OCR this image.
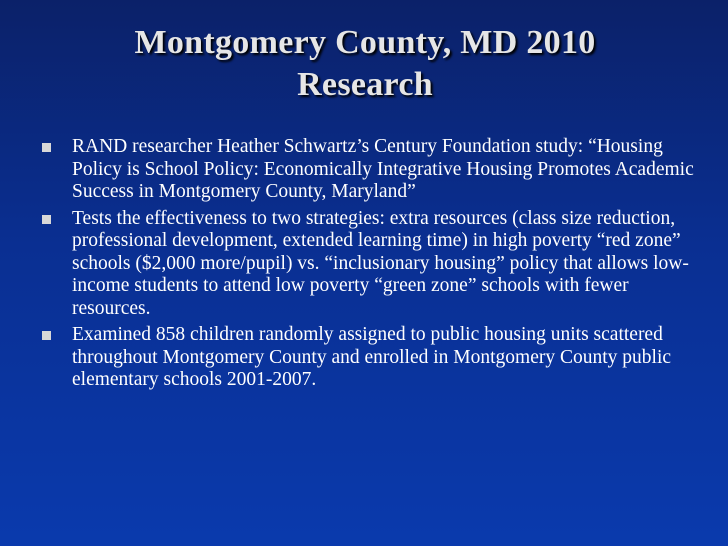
Montgomery County, MD 2010
Research
RAND researcher Heather Schwartz’s Century Foundation study: “Housing Policy is School Policy: Economically Integrative Housing Promotes Academic Success in Montgomery County, Maryland”
Tests the effectiveness to two strategies: extra resources (class size reduction, professional development, extended learning time) in high poverty “red zone” schools ($2,000 more/pupil) vs. “inclusionary housing” policy that allows low-income students to attend low poverty “green zone” schools with fewer resources.
Examined 858 children randomly assigned to public housing units scattered throughout Montgomery County and enrolled in Montgomery County public elementary schools 2001-2007.
